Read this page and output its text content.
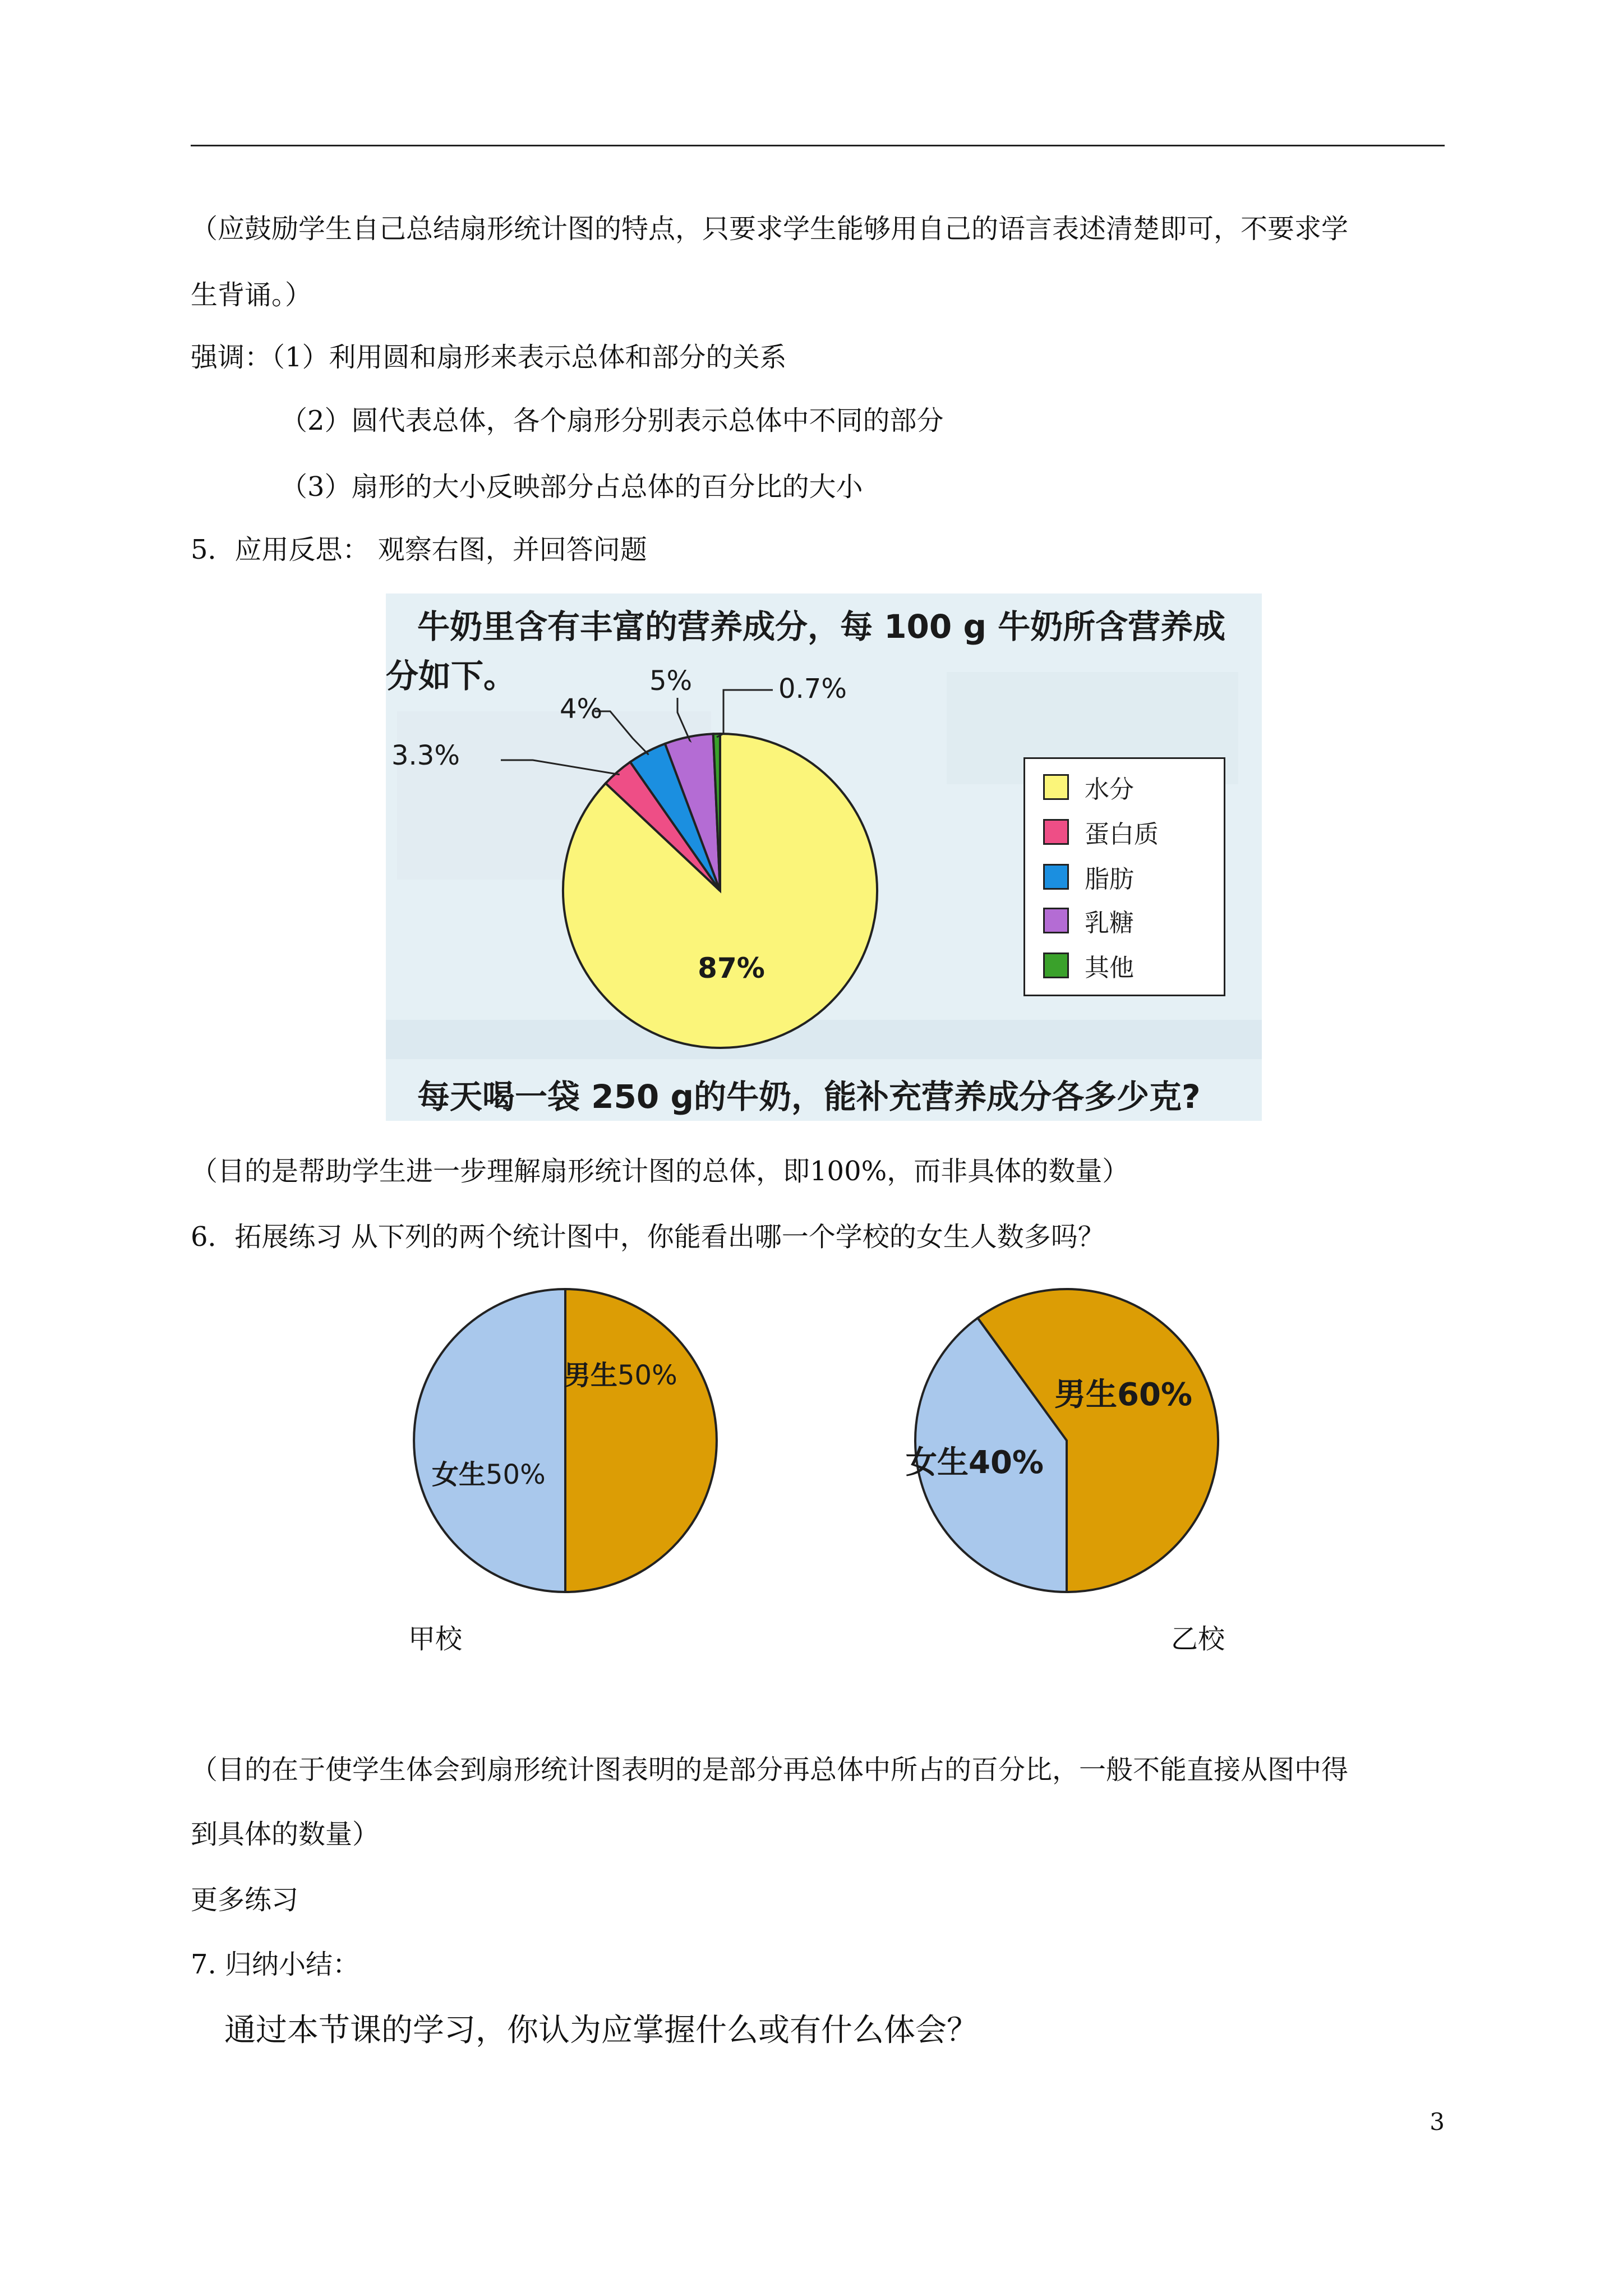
（应鼓励学生自己总结扇形统计图的特点，只要求学生能够用自己的语言表述清楚即可，不要求学
生背诵。）
强调：（1）利用圆和扇形来表示总体和部分的关系
（2）圆代表总体，各个扇形分别表示总体中不同的部分
（3）扇形的大小反映部分占总体的百分比的大小
5．应用反思： 观察右图，并回答问题
牛奶里含有丰富的营养成分，每 100 g 牛奶所含营养成
分如下。
87%
3.3%
4%
5%	0.7%
水分
蛋白质
脂肪
乳糖
其他
每天喝一袋 250 g的牛奶，能补充营养成分各多少克?
（目的是帮助学生进一步理解扇形统计图的总体，即100%，而非具体的数量）
6．拓展练习 从下列的两个统计图中，你能看出哪一个学校的女生人数多吗？
男生50%
女生50%
甲校
男生60%
女生40%
乙校
（目的在于使学生体会到扇形统计图表明的是部分再总体中所占的百分比，一般不能直接从图中得
到具体的数量）
更多练习
7. 归纳小结：
通过本节课的学习，你认为应掌握什么或有什么体会？
3
